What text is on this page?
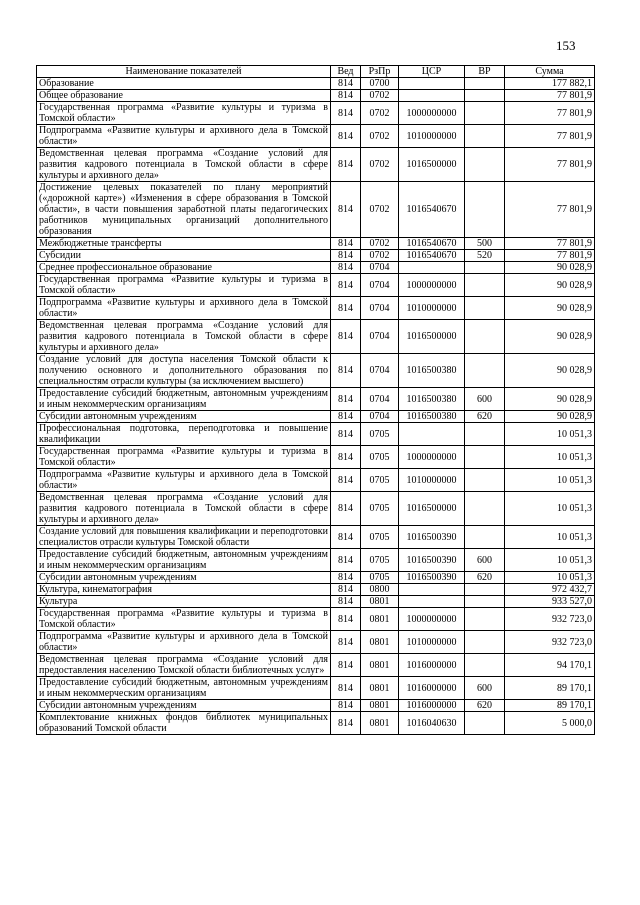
153
Наименование показателей	Вед	РзПр	ЦСР	ВР	Сумма
Образование	814	0700			177 882,1
Общее образование	814	0702			77 801,9
Государственная программа «Развитие культуры и туризма в Томской области»	814	0702	1000000000		77 801,9
Подпрограмма «Развитие культуры и архивного дела в Томской области»	814	0702	1010000000		77 801,9
Ведомственная целевая программа «Создание условий для развития кадрового потенциала в Томской области в сфере культуры и архивного дела»	814	0702	1016500000		77 801,9
Достижение целевых показателей по плану мероприятий («дорожной карте») «Изменения в сфере образования в Томской области», в части повышения заработной платы педагогических работников муниципальных организаций дополнительного образования	814	0702	1016540670		77 801,9
Межбюджетные трансферты	814	0702	1016540670	500	77 801,9
Субсидии	814	0702	1016540670	520	77 801,9
Среднее профессиональное образование	814	0704			90 028,9
Государственная программа «Развитие культуры и туризма в Томской области»	814	0704	1000000000		90 028,9
Подпрограмма «Развитие культуры и архивного дела в Томской области»	814	0704	1010000000		90 028,9
Ведомственная целевая программа «Создание условий для развития кадрового потенциала в Томской области в сфере культуры и архивного дела»	814	0704	1016500000		90 028,9
Создание условий для доступа населения Томской области к получению основного и дополнительного образования по специальностям отрасли культуры (за исключением высшего)	814	0704	1016500380		90 028,9
Предоставление субсидий бюджетным, автономным учреждениям и иным некоммерческим организациям	814	0704	1016500380	600	90 028,9
Субсидии автономным учреждениям	814	0704	1016500380	620	90 028,9
Профессиональная подготовка, переподготовка и повышение квалификации	814	0705			10 051,3
Государственная программа «Развитие культуры и туризма в Томской области»	814	0705	1000000000		10 051,3
Подпрограмма «Развитие культуры и архивного дела в Томской области»	814	0705	1010000000		10 051,3
Ведомственная целевая программа «Создание условий для развития кадрового потенциала в Томской области в сфере культуры и архивного дела»	814	0705	1016500000		10 051,3
Создание условий для повышения квалификации и переподготовки специалистов отрасли культуры Томской области	814	0705	1016500390		10 051,3
Предоставление субсидий бюджетным, автономным учреждениям и иным некоммерческим организациям	814	0705	1016500390	600	10 051,3
Субсидии автономным учреждениям	814	0705	1016500390	620	10 051,3
Культура, кинематография	814	0800			972 432,7
Культура	814	0801			933 527,0
Государственная программа «Развитие культуры и туризма в Томской области»	814	0801	1000000000		932 723,0
Подпрограмма «Развитие культуры и архивного дела в Томской области»	814	0801	1010000000		932 723,0
Ведомственная целевая программа «Создание условий для предоставления населению Томской области библиотечных услуг»	814	0801	1016000000		94 170,1
Предоставление субсидий бюджетным, автономным учреждениям и иным некоммерческим организациям	814	0801	1016000000	600	89 170,1
Субсидии автономным учреждениям	814	0801	1016000000	620	89 170,1
Комплектование книжных фондов библиотек муниципальных образований Томской области	814	0801	1016040630		5 000,0
